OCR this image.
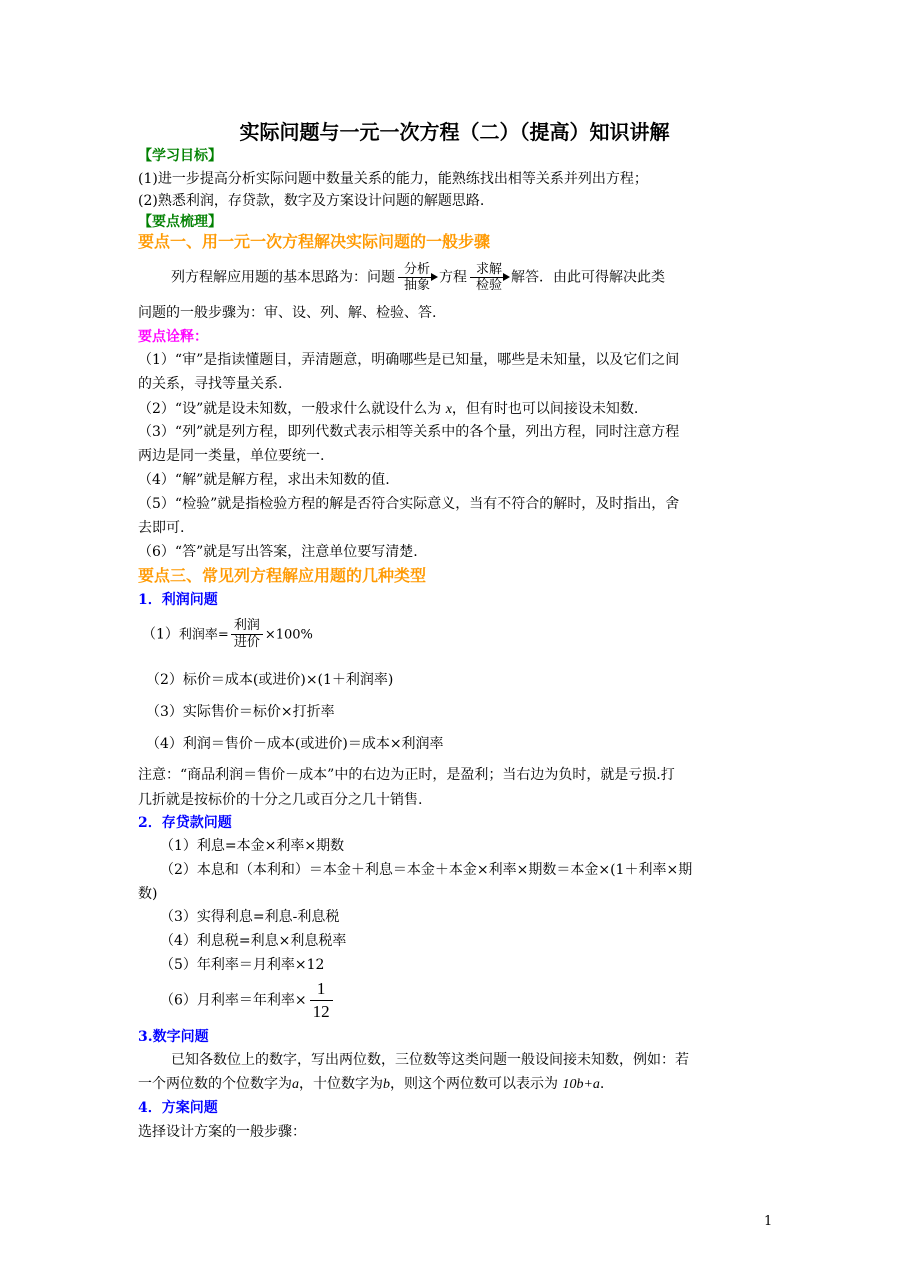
实际问题与一元一次方程（二）（提高）知识讲解
【学习目标】
(1)进一步提高分析实际问题中数量关系的能力，能熟练找出相等关系并列出方程；
(2)熟悉利润，存贷款，数字及方案设计问题的解题思路.
【要点梳理】
要点一、用一元一次方程解决实际问题的一般步骤
列方程解应用题的基本思路为：问题 分析
抽象 方程 求解
检验 解答．由此可得解决此类
问题的一般步骤为：审、设、列、解、检验、答.
要点诠释：
（1）“审”是指读懂题目，弄清题意，明确哪些是已知量，哪些是未知量，以及它们之间
的关系，寻找等量关系.
（2）“设”就是设未知数，一般求什么就设什么为 x，但有时也可以间接设未知数.
（3）“列”就是列方程，即列代数式表示相等关系中的各个量，列出方程，同时注意方程
两边是同一类量，单位要统一.
（4）“解”就是解方程，求出未知数的值.
（5）“检验”就是指检验方程的解是否符合实际意义，当有不符合的解时，及时指出，舍
去即可.
（6）“答”就是写出答案，注意单位要写清楚.
要点三、常见列方程解应用题的几种类型
1．利润问题
（1）利润率= $\frac{\text{利润}}{\text{进价}} \times 100\%$
（2）标价＝成本(或进价)×(1＋利润率)
（3）实际售价＝标价×打折率
（4）利润＝售价－成本(或进价)＝成本×利润率
注意：“商品利润＝售价－成本”中的右边为正时，是盈利；当右边为负时，就是亏损.打
几折就是按标价的十分之几或百分之几十销售.
2．存贷款问题
（1）利息=本金×利率×期数
（2）本息和（本利和）＝本金＋利息＝本金＋本金×利率×期数＝本金×(1＋利率×期
数)
（3）实得利息=利息-利息税
（4）利息税=利息×利息税率
（5）年利率＝月利率×12
（6）月利率＝年利率× $\frac{1}{12}$
3.数字问题
已知各数位上的数字，写出两位数，三位数等这类问题一般设间接未知数，例如：若
一个两位数的个位数字为a，十位数字为b，则这个两位数可以表示为 10b+a.
4．方案问题
选择设计方案的一般步骤：
1
